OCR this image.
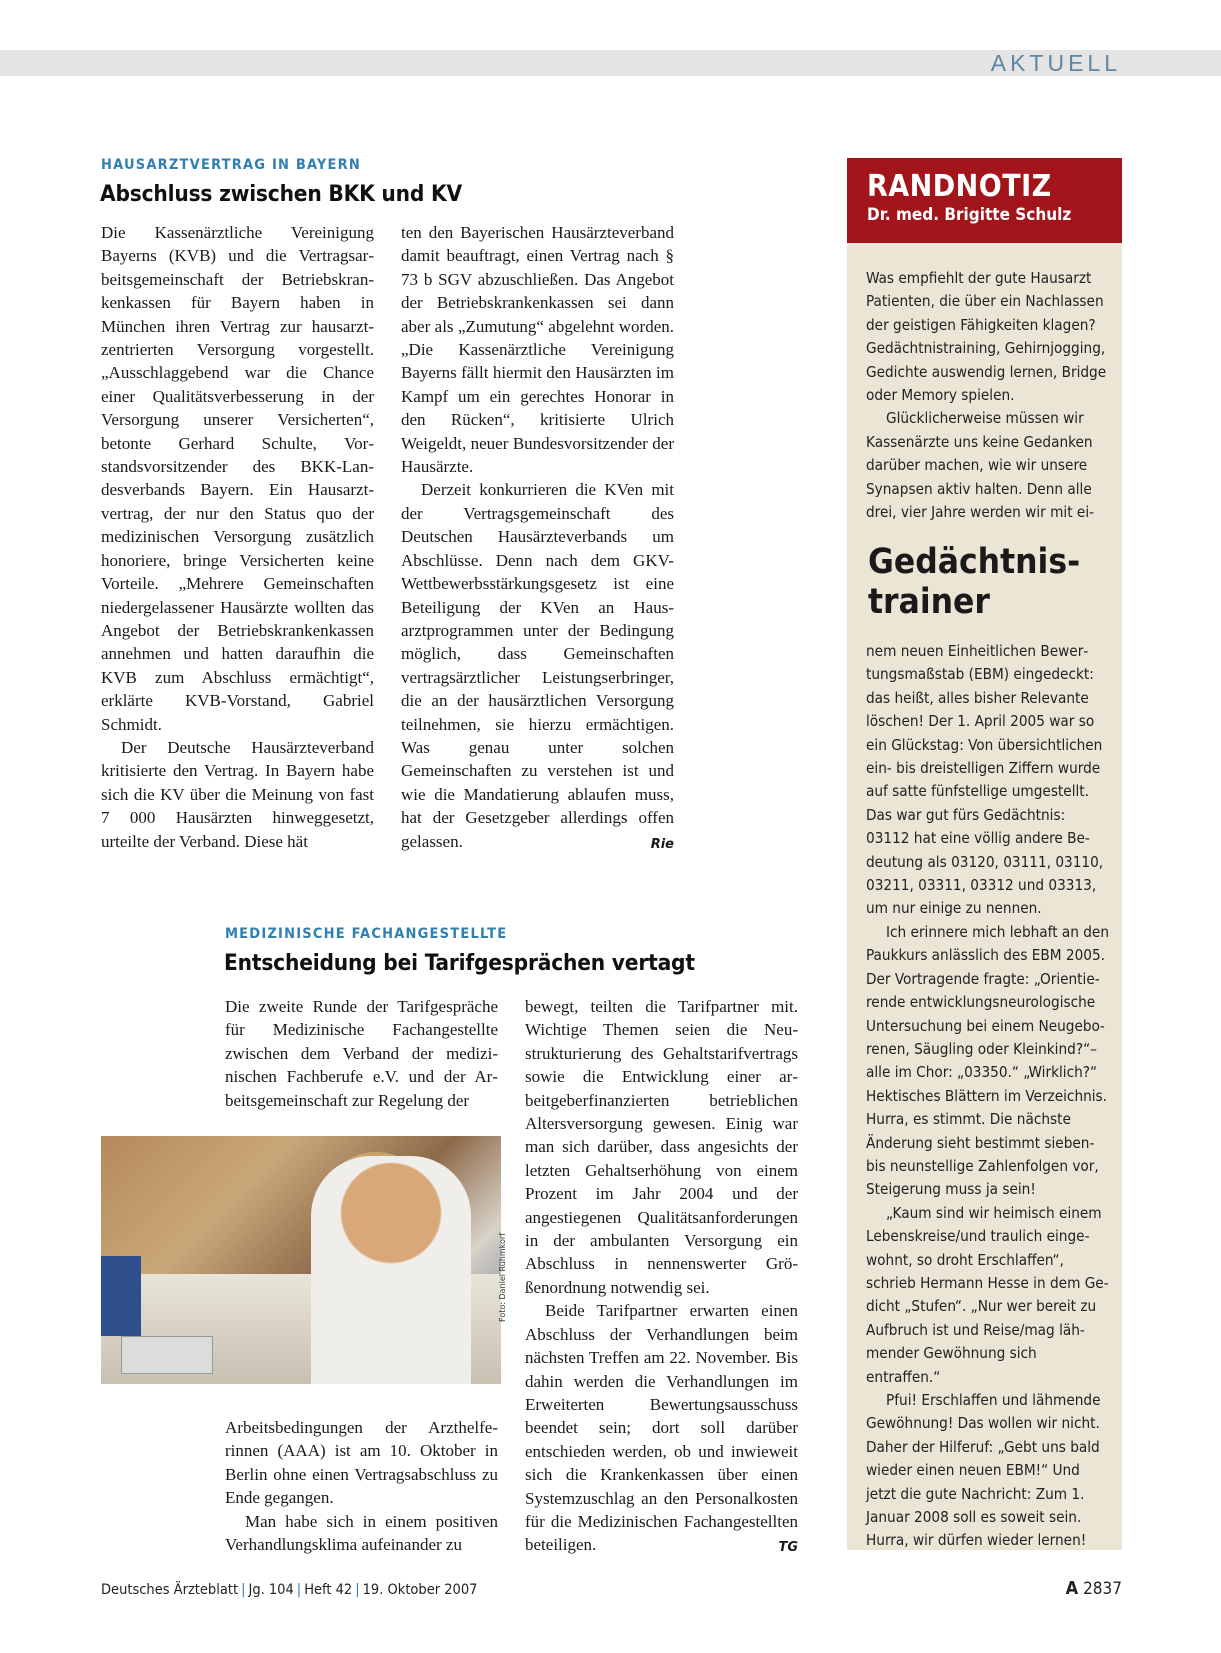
AKTUELL
HAUSARZTVERTRAG IN BAYERN
Abschluss zwischen BKK und KV

Die Kassenärztliche Vereinigung Bayerns (KVB) und die Vertragsarbeitsgemeinschaft der Betriebskrankenkassen für Bayern haben in München ihren Vertrag zur hausarztzentrierten Versorgung vorgestellt. „Ausschlaggebend war die Chance einer Qualitätsverbesserung in der Versorgung unserer Versicherten“, betonte Gerhard Schulte, Vorstandsvorsitzender des BKK-Landesverbands Bayern. Ein Hausarztvertrag, der nur den Status quo der medizinischen Versorgung zusätzlich honoriere, bringe Versicherten keine Vorteile. „Mehrere Gemeinschaften niedergelassener Hausärzte wollten das Angebot der Betriebskrankenkassen annehmen und hatten daraufhin die KVB zum Abschluss ermächtigt“, erklärte KVB-Vorstand, Gabriel Schmidt.

Der Deutsche Hausärzteverband kritisierte den Vertrag. In Bayern habe sich die KV über die Meinung von fast 7 000 Hausärzten hinweggesetzt, urteilte der Verband. Diese hät

ten den Bayerischen Hausärzteverband damit beauftragt, einen Vertrag nach § 73 b SGV abzuschließen. Das Angebot der Betriebskrankenkassen sei dann aber als „Zumutung“ abgelehnt worden. „Die Kassenärztliche Vereinigung Bayerns fällt hiermit den Hausärzten im Kampf um ein gerechtes Honorar in den Rücken“, kritisierte Ulrich Weigeldt, neuer Bundesvorsitzender der Hausärzte.

Derzeit konkurrieren die KVen mit der Vertragsgemeinschaft des Deutschen Hausärzteverbands um Abschlüsse. Denn nach dem GKV-Wettbewerbsstärkungsgesetz ist eine Beteiligung der KVen an Hausarztprogrammen unter der Bedingung möglich, dass Gemeinschaften vertragsärztlicher Leistungserbringer, die an der hausärztlichen Versorgung teilnehmen, sie hierzu ermächtigen. Was genau unter solchen Gemeinschaften zu verstehen ist und wie die Mandatierung ablaufen muss, hat der Gesetzgeber allerdings offen gelassen.	Rie

MEDIZINISCHE FACHANGESTELLTE
Entscheidung bei Tarifgesprächen vertagt

Die zweite Runde der Tarifgespräche für Medizinische Fachangestellte zwischen dem Verband der medizinischen Fachberufe e.V. und der Arbeitsgemeinschaft zur Regelung der

Foto: Daniel Rühmkorf

Arbeitsbedingungen der Arzthelferinnen (AAA) ist am 10. Oktober in Berlin ohne einen Vertragsabschluss zu Ende gegangen.

Man habe sich in einem positiven Verhandlungsklima aufeinander zu

bewegt, teilten die Tarifpartner mit. Wichtige Themen seien die Neustrukturierung des Gehaltstarifvertrags sowie die Entwicklung einer arbeitgeberfinanzierten betrieblichen Altersversorgung gewesen. Einig war man sich darüber, dass angesichts der letzten Gehaltserhöhung von einem Prozent im Jahr 2004 und der angestiegenen Qualitätsanforderungen in der ambulanten Versorgung ein Abschluss in nennenswerter Größenordnung notwendig sei.

Beide Tarifpartner erwarten einen Abschluss der Verhandlungen beim nächsten Treffen am 22. November. Bis dahin werden die Verhandlungen im Erweiterten Bewertungsausschuss beendet sein; dort soll darüber entschieden werden, ob und inwieweit sich die Krankenkassen über einen Systemzuschlag an den Personalkosten für die Medizinischen Fachangestellten beteiligen.	TG

RANDNOTIZ
Dr. med. Brigitte Schulz

Was empfiehlt der gute Hausarzt Patienten, die über ein Nachlassen der geistigen Fähigkeiten klagen? Gedächtnistraining, Gehirnjogging, Gedichte auswendig lernen, Bridge oder Memory spielen.

Glücklicherweise müssen wir Kassenärzte uns keine Gedanken darüber machen, wie wir unsere Synapsen aktiv halten. Denn alle drei, vier Jahre werden wir mit ei-

Gedächtnis-
trainer

nem neuen Einheitlichen Bewertungsmaßstab (EBM) eingedeckt: das heißt, alles bisher Relevante löschen! Der 1. April 2005 war so ein Glückstag: Von übersichtlichen ein- bis dreistelligen Ziffern wurde auf satte fünfstellige umgestellt. Das war gut fürs Gedächtnis: 03112 hat eine völlig andere Bedeutung als 03120, 03111, 03110, 03211, 03311, 03312 und 03313, um nur einige zu nennen.

Ich erinnere mich lebhaft an den Paukkurs anlässlich des EBM 2005. Der Vortragende fragte: „Orientierende entwicklungsneurologische Untersuchung bei einem Neugeborenen, Säugling oder Kleinkind?“– alle im Chor: „03350.“ „Wirklich?“ Hektisches Blättern im Verzeichnis. Hurra, es stimmt. Die nächste Änderung sieht bestimmt sieben- bis neunstellige Zahlenfolgen vor, Steigerung muss ja sein!

„Kaum sind wir heimisch einem Lebenskreise/und traulich eingewohnt, so droht Erschlaffen“, schrieb Hermann Hesse in dem Gedicht „Stufen“. „Nur wer bereit zu Aufbruch ist und Reise/mag lähmender Gewöhnung sich entraffen.“

Pfui! Erschlaffen und lähmende Gewöhnung! Das wollen wir nicht. Daher der Hilferuf: „Gebt uns bald wieder einen neuen EBM!“ Und jetzt die gute Nachricht: Zum 1. Januar 2008 soll es soweit sein. Hurra, wir dürfen wieder lernen!

Deutsches Ärzteblatt | Jg. 104 | Heft 42 | 19. Oktober 2007	A 2837
